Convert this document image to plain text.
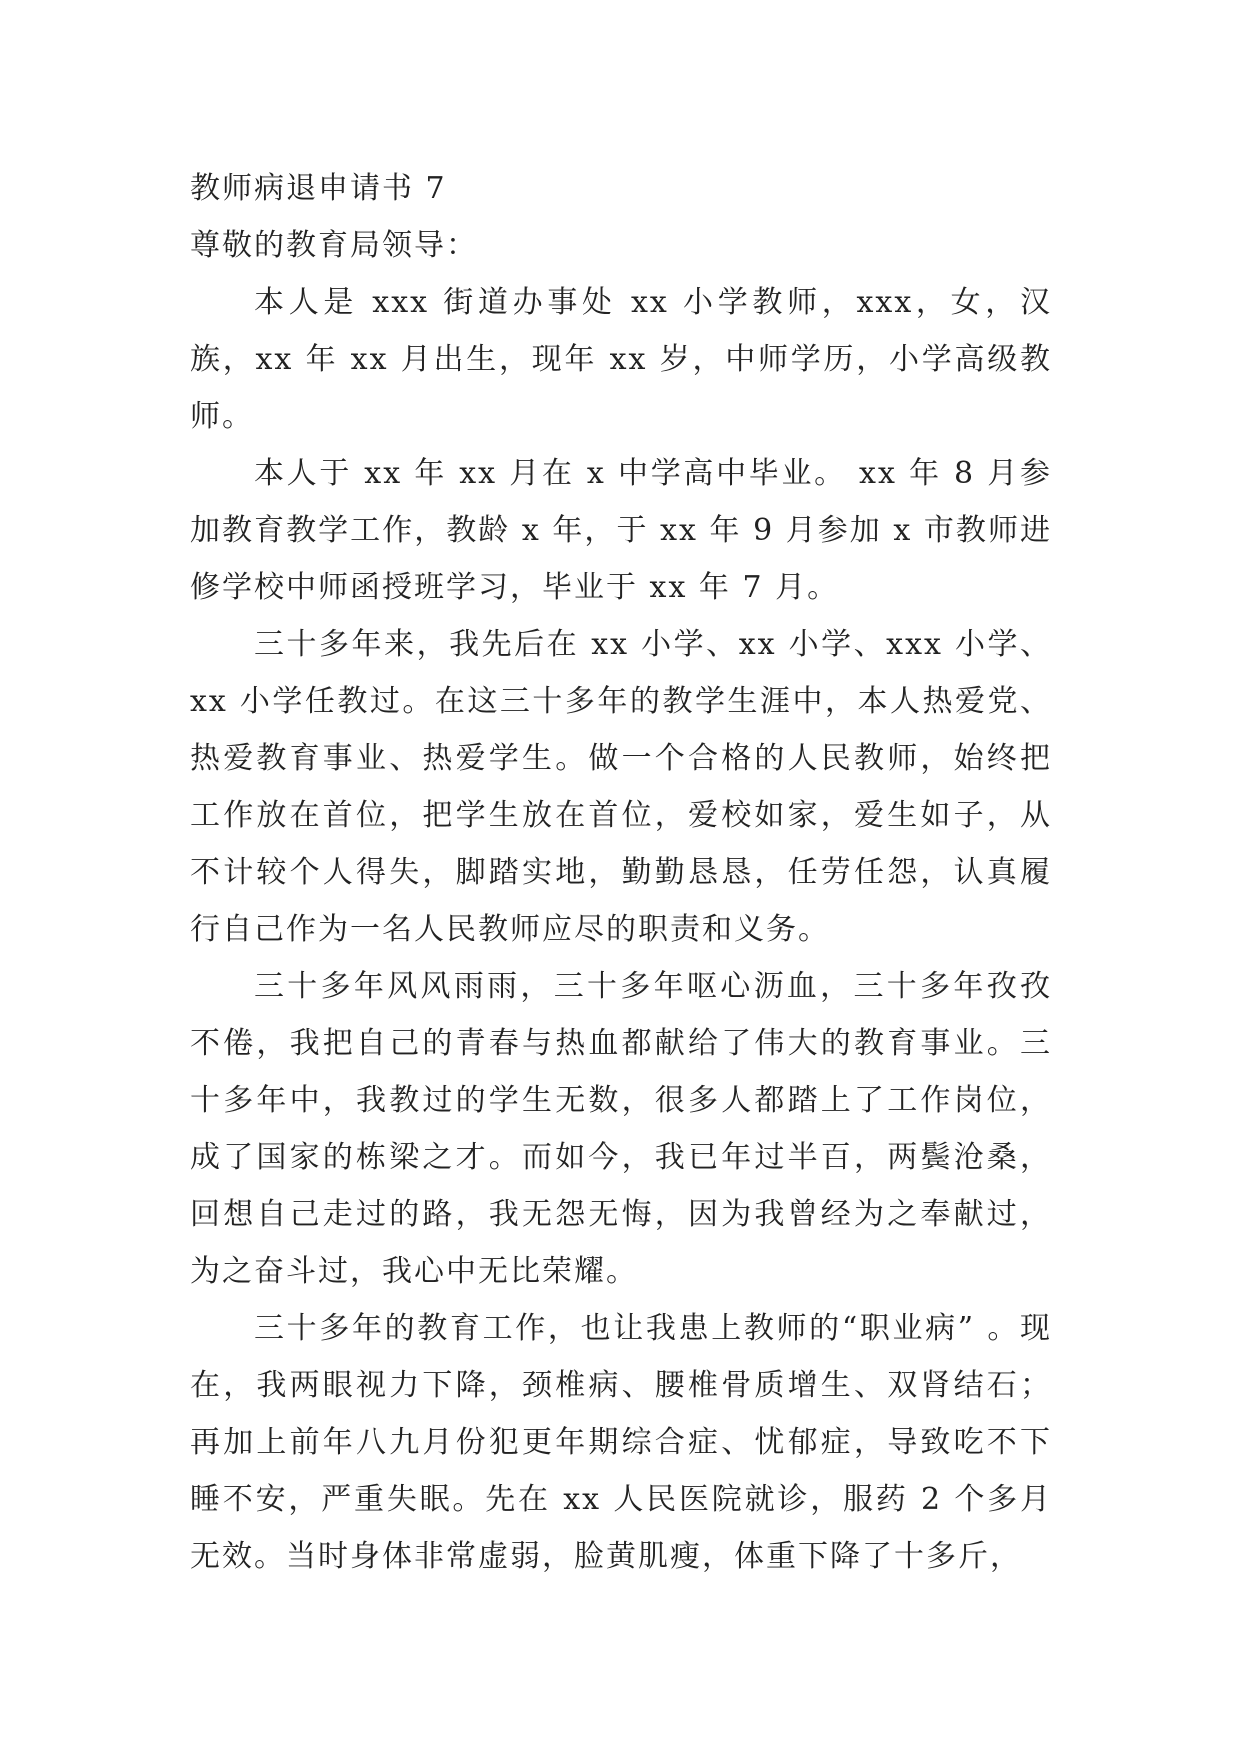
教师病退申请书 7

尊敬的教育局领导：

本人是 xxx 街道办事处 xx 小学教师，xxx，女，汉族，xx 年 xx 月出生，现年 xx 岁，中师学历，小学高级教师。

本人于 xx 年 xx 月在 x 中学高中毕业。 xx 年 8 月参加教育教学工作，教龄 x 年，于 xx 年 9 月参加 x 市教师进修学校中师函授班学习，毕业于 xx 年 7 月。

三十多年来，我先后在 xx 小学、xx 小学、xxx 小学、xx 小学任教过。在这三十多年的教学生涯中，本人热爱党、热爱教育事业、热爱学生。做一个合格的人民教师，始终把工作放在首位，把学生放在首位，爱校如家，爱生如子，从不计较个人得失，脚踏实地，勤勤恳恳，任劳任怨，认真履行自己作为一名人民教师应尽的职责和义务。

三十多年风风雨雨，三十多年呕心沥血，三十多年孜孜不倦，我把自己的青春与热血都献给了伟大的教育事业。三十多年中，我教过的学生无数，很多人都踏上了工作岗位，成了国家的栋梁之才。而如今，我已年过半百，两鬓沧桑，回想自己走过的路，我无怨无悔，因为我曾经为之奉献过，为之奋斗过，我心中无比荣耀。

三十多年的教育工作，也让我患上教师的“职业病” 。现在，我两眼视力下降，颈椎病、腰椎骨质增生、双肾结石；再加上前年八九月份犯更年期综合症、忧郁症，导致吃不下睡不安，严重失眠。先在 xx 人民医院就诊，服药 2 个多月无效。当时身体非常虚弱，脸黄肌瘦，体重下降了十多斤，
